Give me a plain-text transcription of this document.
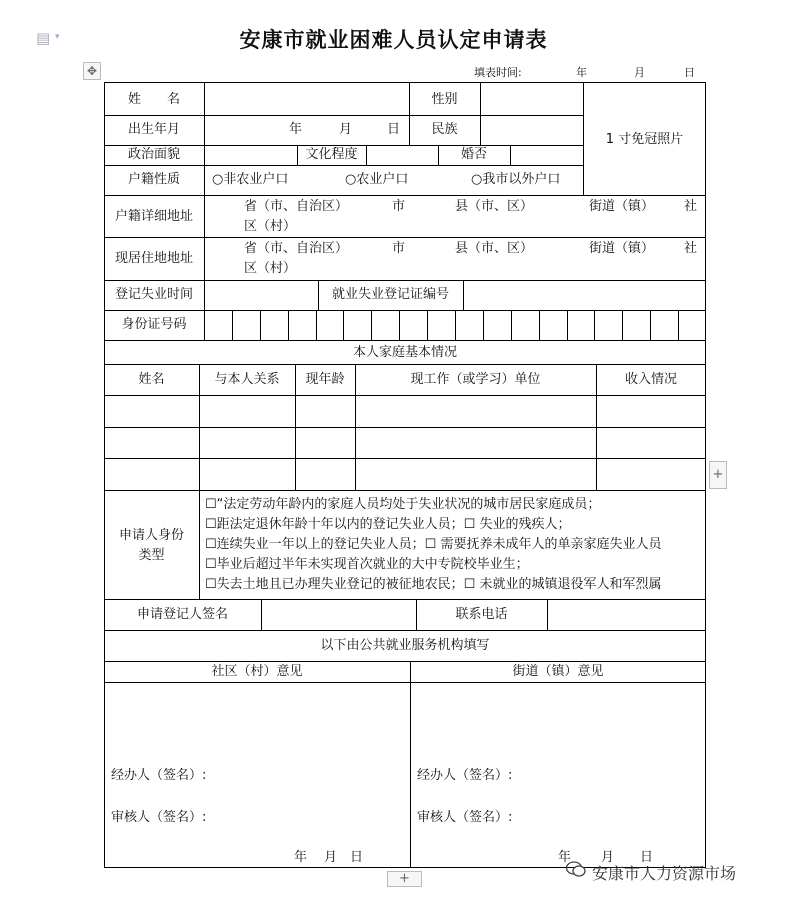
▤ ▾
✥
安康市就业困难人员认定申请表
填表时间:	年	月	日
姓　　名	性别
1 寸免冠照片
出生年月	年	月	日	民族
政治面貌	文化程度	婚否
户籍性质	○非农业户口	○农业户口	○我市以外户口
户籍详细地址
省（市、自治区）	市	县（市、区）	街道（镇） 社
区（村）
现居住地地址
省（市、自治区）	市	县（市、区）	街道（镇） 社
区（村）
登记失业时间	就业失业登记证编号
身份证号码
本人家庭基本情况
姓名	与本人关系	现年龄	现工作（或学习）单位	收入情况
申请人身份
类型
☐“法定劳动年龄内的家庭人员均处于失业状况的城市居民家庭成员；
☐距法定退休年龄十年以内的登记失业人员；☐ 失业的残疾人；
☐连续失业一年以上的登记失业人员；☐ 需要抚养未成年人的单亲家庭失业人员
☐毕业后超过半年未实现首次就业的大中专院校毕业生；
☐失去土地且已办理失业登记的被征地农民；☐ 未就业的城镇退役军人和军烈属
申请登记人签名	联系电话
以下由公共就业服务机构填写
社区（村）意见	街道（镇）意见
经办人（签名）:
审核人（签名）:
年 月 日
经办人（签名）:
审核人（签名）:
年 月 日
安康市人力资源市场
+
+
